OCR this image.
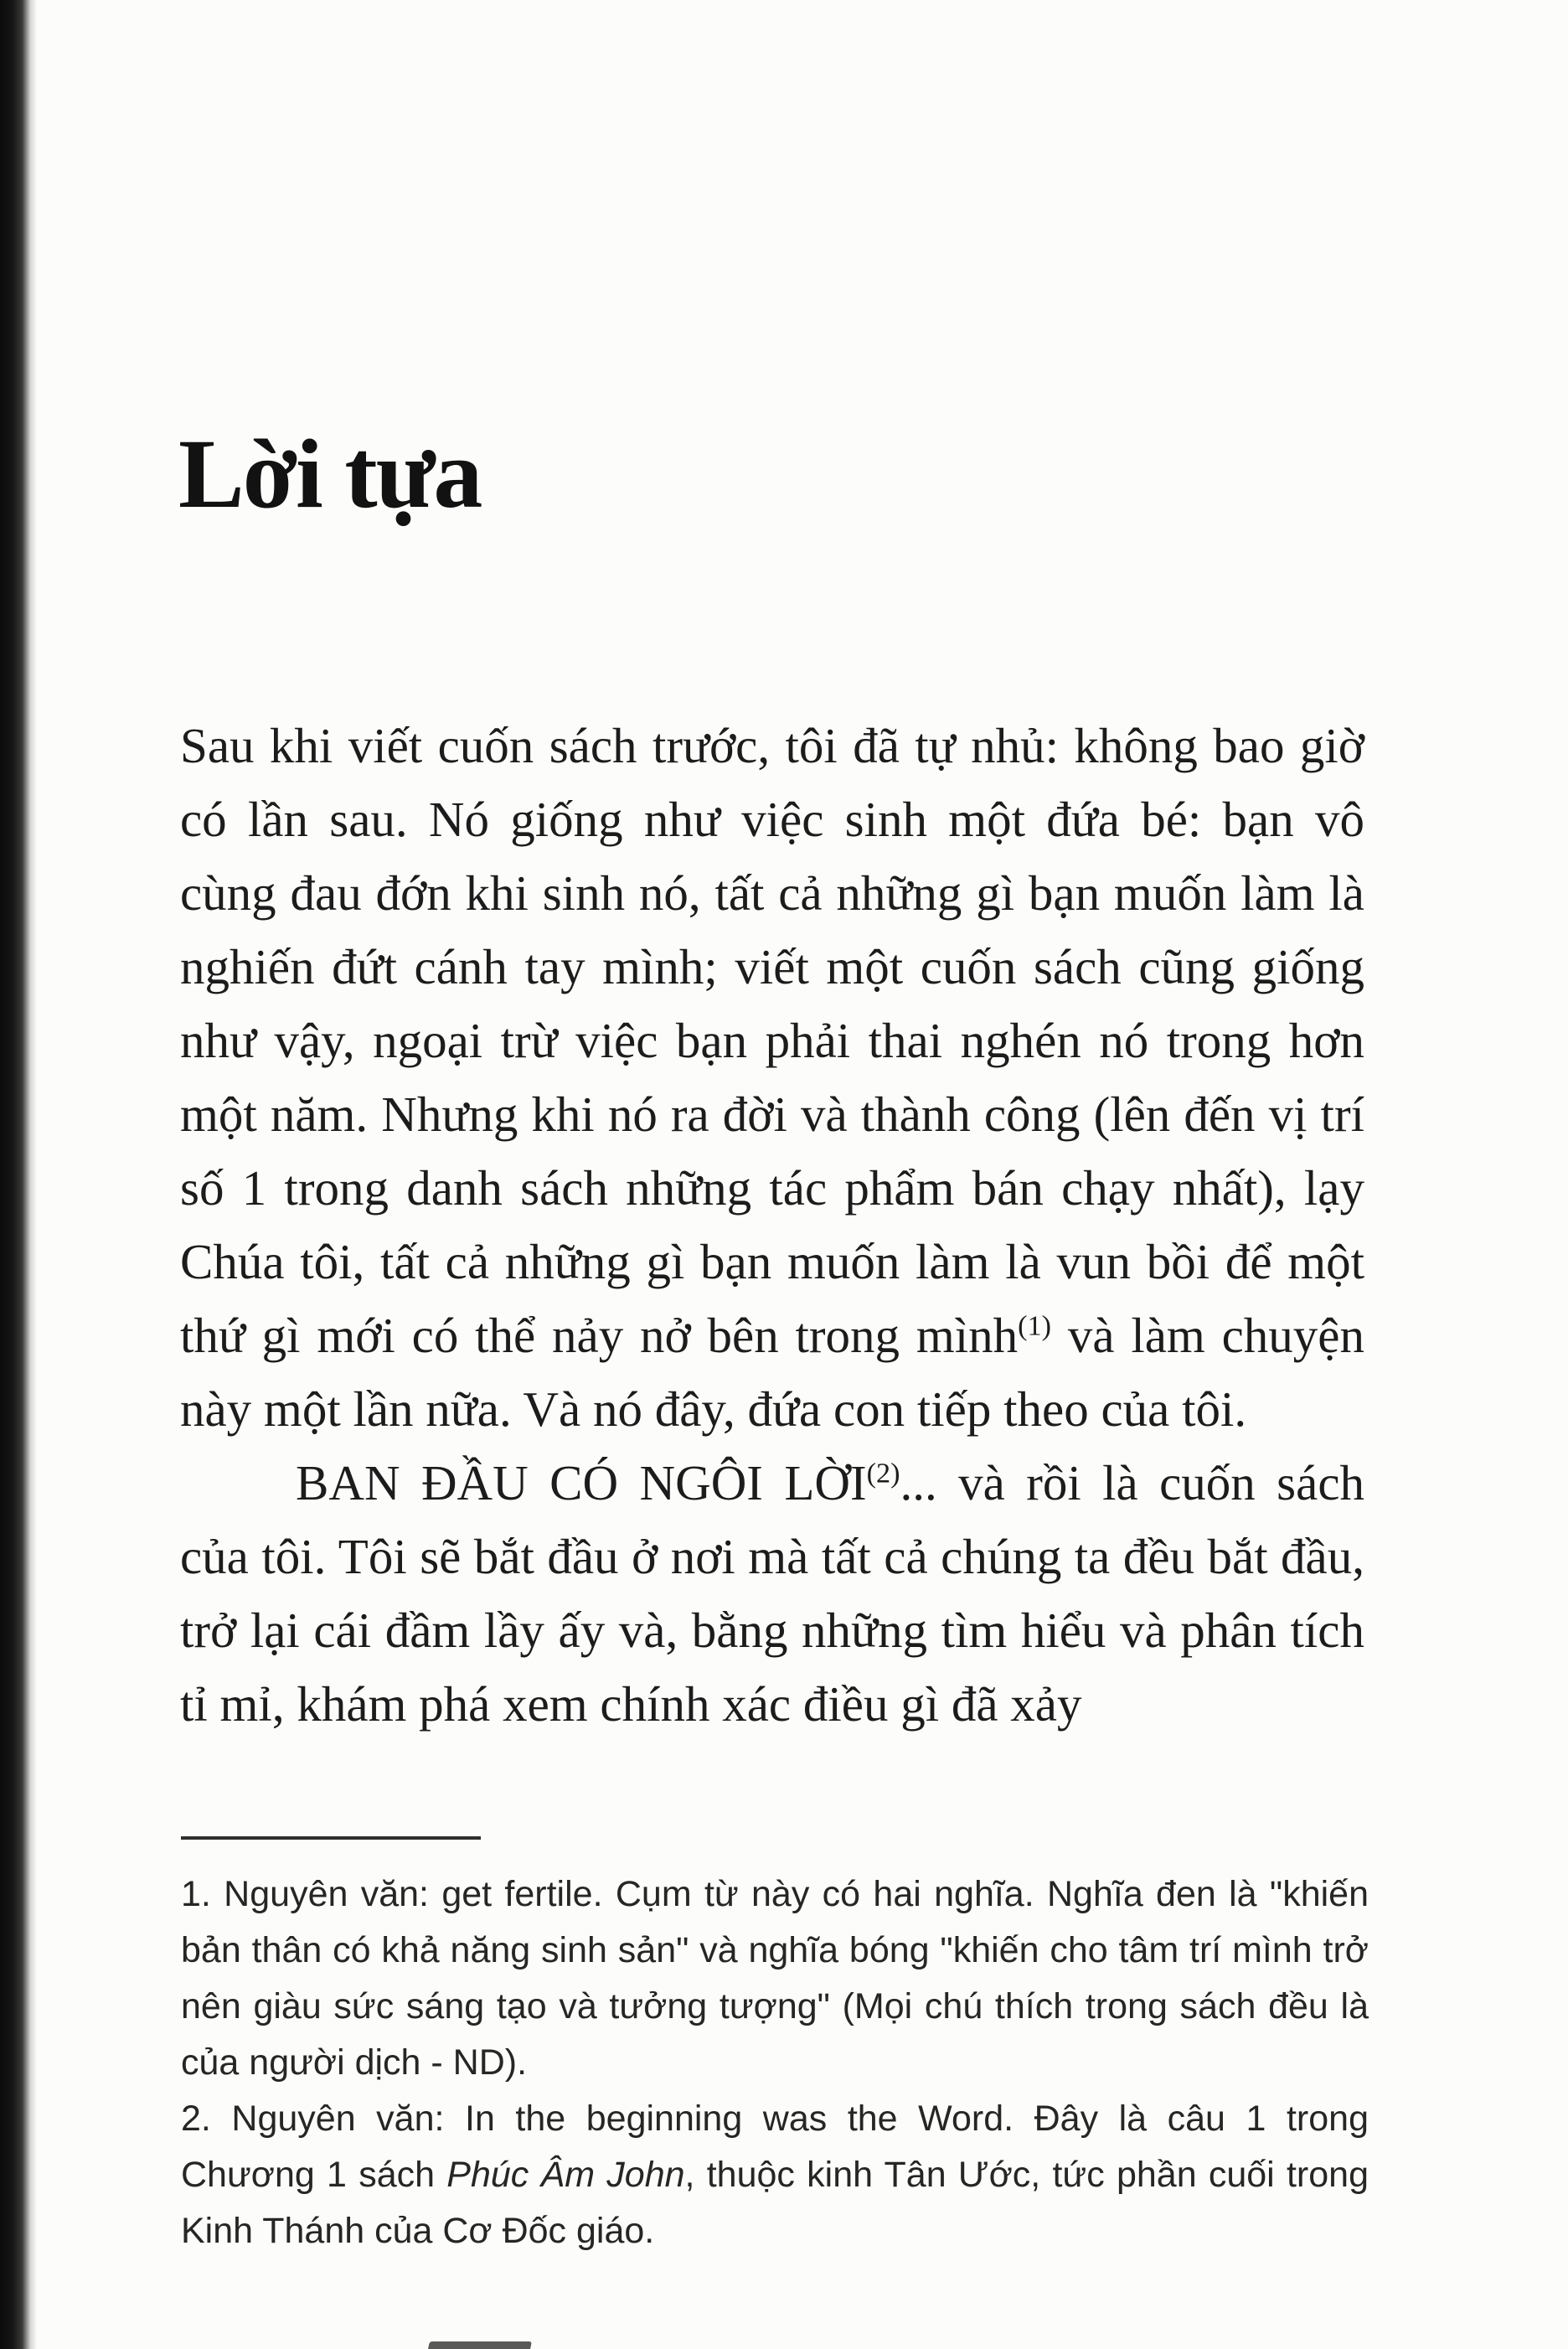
Lời tựa

Sau khi viết cuốn sách trước, tôi đã tự nhủ: không bao giờ có lần sau. Nó giống như việc sinh một đứa bé: bạn vô cùng đau đớn khi sinh nó, tất cả những gì bạn muốn làm là nghiến đứt cánh tay mình; viết một cuốn sách cũng giống như vậy, ngoại trừ việc bạn phải thai nghén nó trong hơn một năm. Nhưng khi nó ra đời và thành công (lên đến vị trí số 1 trong danh sách những tác phẩm bán chạy nhất), lạy Chúa tôi, tất cả những gì bạn muốn làm là vun bồi để một thứ gì mới có thể nảy nở bên trong mình$^{(1)}$ và làm chuyện này một lần nữa. Và nó đây, đứa con tiếp theo của tôi.

BAN ĐẦU CÓ NGÔI LỜI$^{(2)}$... và rồi là cuốn sách của tôi. Tôi sẽ bắt đầu ở nơi mà tất cả chúng ta đều bắt đầu, trở lại cái đầm lầy ấy và, bằng những tìm hiểu và phân tích tỉ mỉ, khám phá xem chính xác điều gì đã xảy

1. Nguyên văn: get fertile. Cụm từ này có hai nghĩa. Nghĩa đen là "khiến bản thân có khả năng sinh sản" và nghĩa bóng "khiến cho tâm trí mình trở nên giàu sức sáng tạo và tưởng tượng" (Mọi chú thích trong sách đều là của người dịch - ND).

2. Nguyên văn: In the beginning was the Word. Đây là câu 1 trong Chương 1 sách Phúc Âm John, thuộc kinh Tân Ước, tức phần cuối trong Kinh Thánh của Cơ Đốc giáo.
